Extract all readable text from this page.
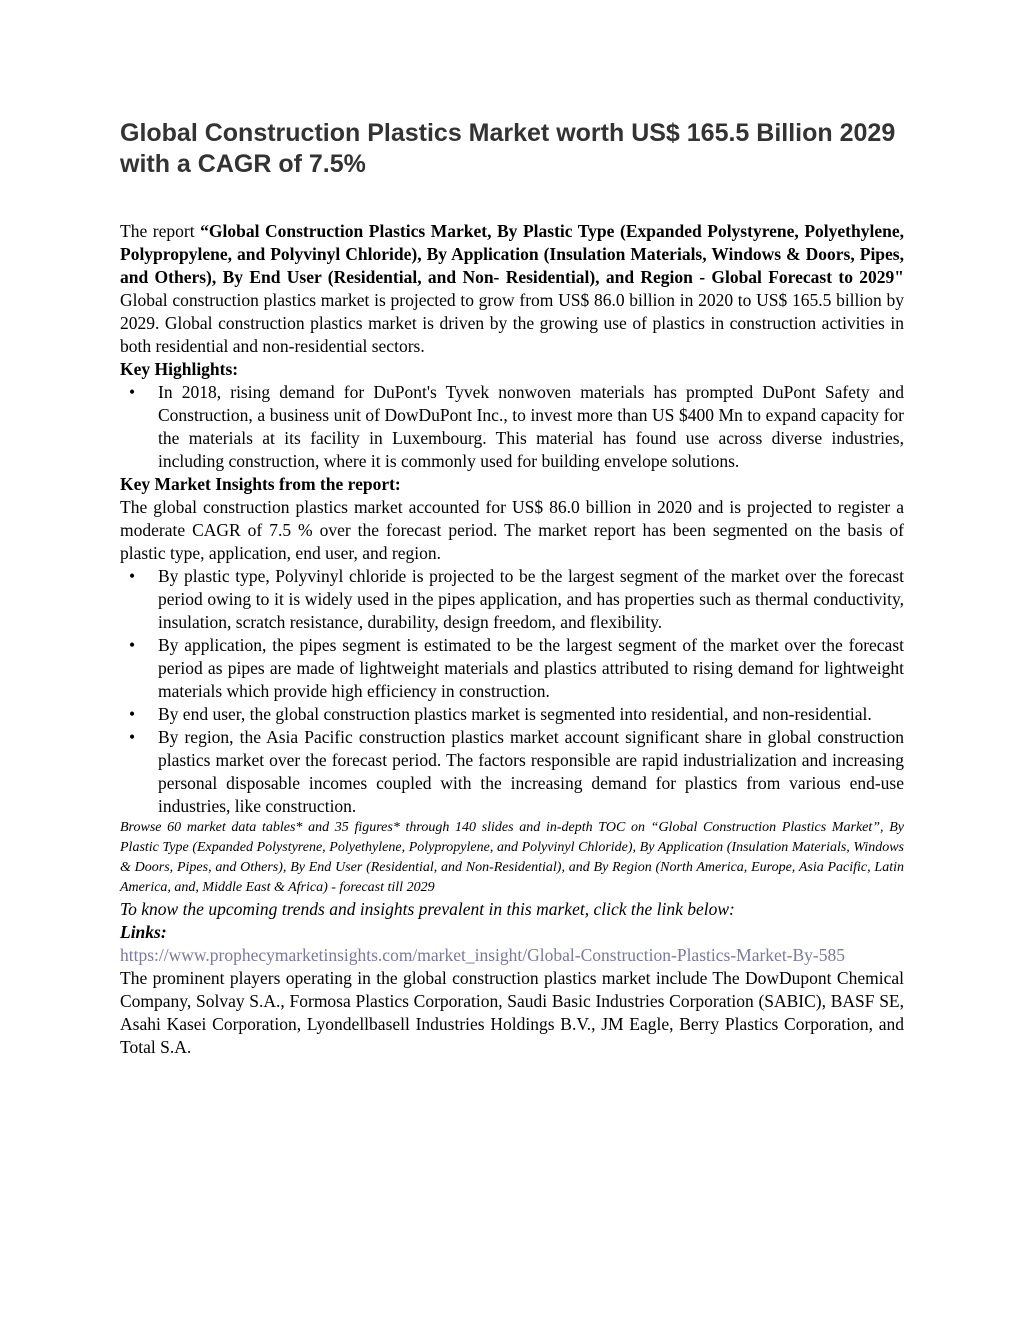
Global Construction Plastics Market worth US$ 165.5 Billion 2029 with a CAGR of 7.5%

The report “Global Construction Plastics Market, By Plastic Type (Expanded Polystyrene, Polyethylene, Polypropylene, and Polyvinyl Chloride), By Application (Insulation Materials, Windows & Doors, Pipes, and Others), By End User (Residential, and Non- Residential), and Region - Global Forecast to 2029" Global construction plastics market is projected to grow from US$ 86.0 billion in 2020 to US$ 165.5 billion by 2029. Global construction plastics market is driven by the growing use of plastics in construction activities in both residential and non-residential sectors.

Key Highlights:
• In 2018, rising demand for DuPont's Tyvek nonwoven materials has prompted DuPont Safety and Construction, a business unit of DowDuPont Inc., to invest more than US $400 Mn to expand capacity for the materials at its facility in Luxembourg. This material has found use across diverse industries, including construction, where it is commonly used for building envelope solutions.
Key Market Insights from the report:

The global construction plastics market accounted for US$ 86.0 billion in 2020 and is projected to register a moderate CAGR of 7.5 % over the forecast period. The market report has been segmented on the basis of plastic type, application, end user, and region.

• By plastic type, Polyvinyl chloride is projected to be the largest segment of the market over the forecast period owing to it is widely used in the pipes application, and has properties such as thermal conductivity, insulation, scratch resistance, durability, design freedom, and flexibility.
• By application, the pipes segment is estimated to be the largest segment of the market over the forecast period as pipes are made of lightweight materials and plastics attributed to rising demand for lightweight materials which provide high efficiency in construction.
• By end user, the global construction plastics market is segmented into residential, and non-residential.
• By region, the Asia Pacific construction plastics market account significant share in global construction plastics market over the forecast period. The factors responsible are rapid industrialization and increasing personal disposable incomes coupled with the increasing demand for plastics from various end-use industries, like construction.

Browse 60 market data tables* and 35 figures* through 140 slides and in-depth TOC on “Global Construction Plastics Market”, By Plastic Type (Expanded Polystyrene, Polyethylene, Polypropylene, and Polyvinyl Chloride), By Application (Insulation Materials, Windows & Doors, Pipes, and Others), By End User (Residential, and Non-Residential), and By Region (North America, Europe, Asia Pacific, Latin America, and, Middle East & Africa) - forecast till 2029

To know the upcoming trends and insights prevalent in this market, click the link below:

Links:
https://www.prophecymarketinsights.com/market_insight/Global-Construction-Plastics-Market-By-585

The prominent players operating in the global construction plastics market include The DowDupont Chemical Company, Solvay S.A., Formosa Plastics Corporation, Saudi Basic Industries Corporation (SABIC), BASF SE, Asahi Kasei Corporation, Lyondellbasell Industries Holdings B.V., JM Eagle, Berry Plastics Corporation, and Total S.A.
